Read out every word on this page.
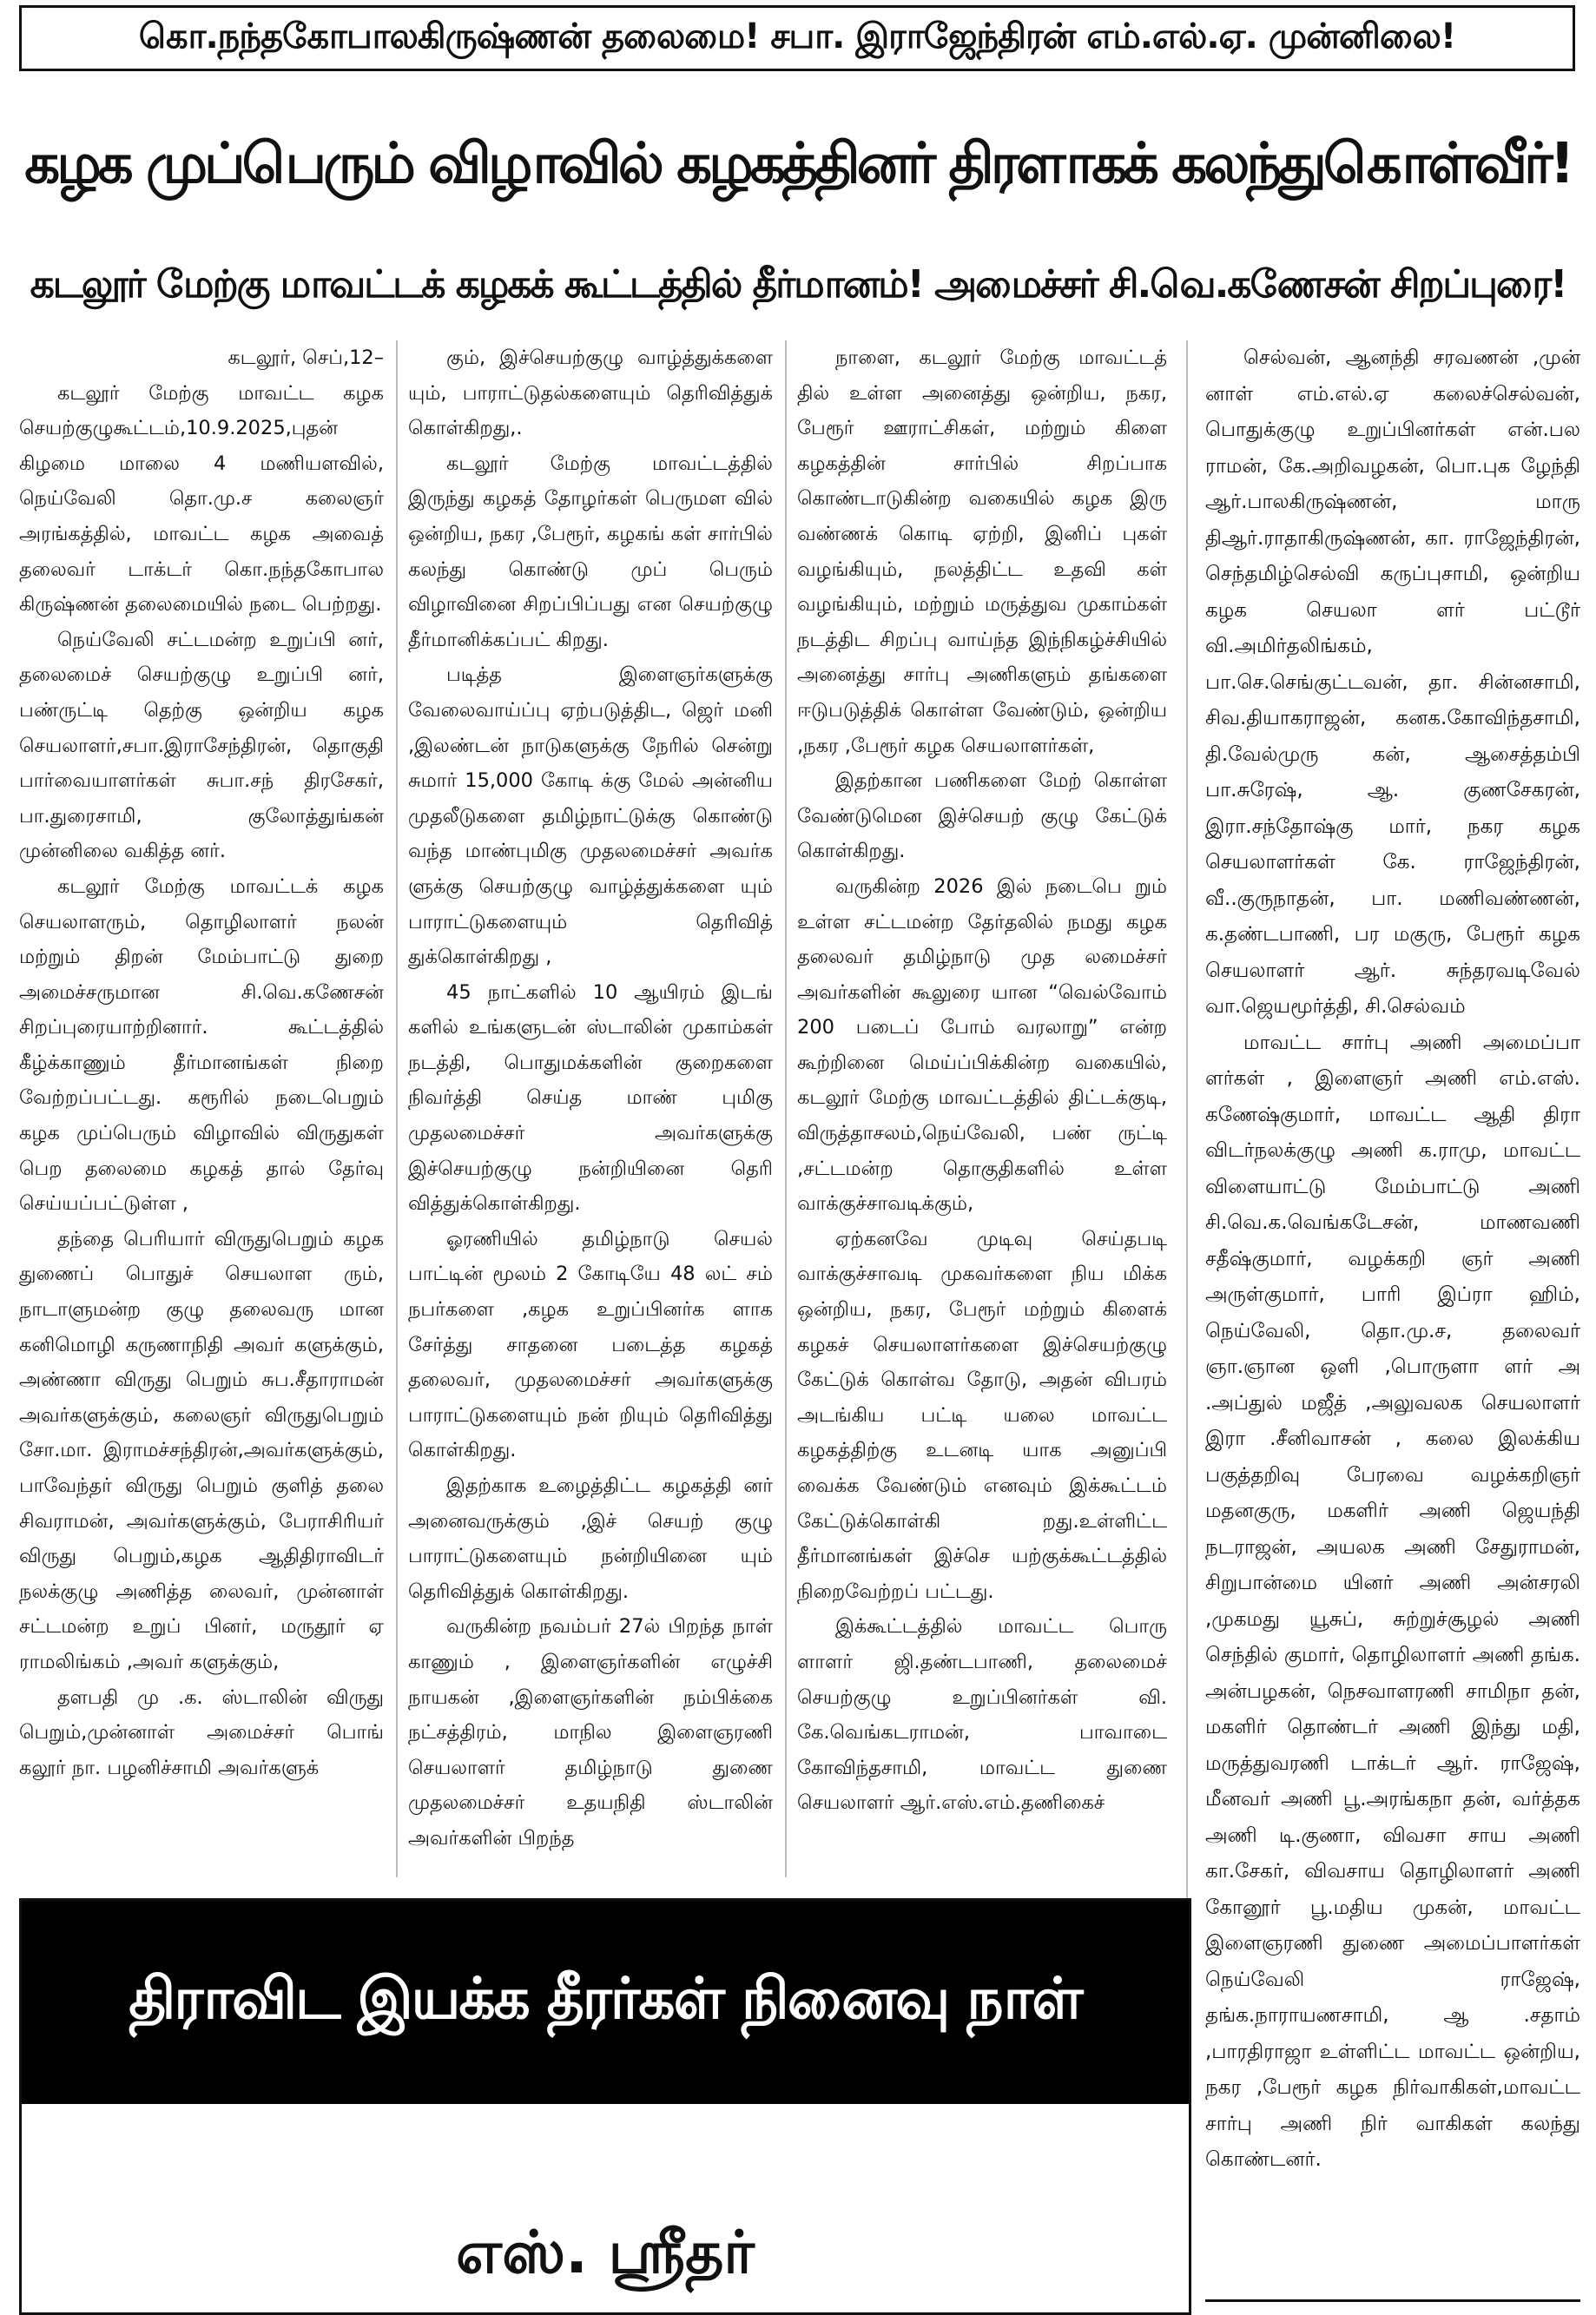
கொ.நந்தகோபாலகிருஷ்ணன் தலைமை! சபா. இராஜேந்திரன் எம்.எல்.ஏ. முன்னிலை!
கழக முப்பெரும் விழாவில் கழகத்தினர் திரளாகக் கலந்துகொள்வீர்!
கடலூர் மேற்கு மாவட்டக் கழகக் கூட்டத்தில் தீர்மானம்! அமைச்சர் சி.வெ.கணேசன் சிறப்புரை!

கடலூர், செப்,12–

கடலூர் மேற்கு மாவட்ட கழக செயற்குழுகூட்டம்,10.9.2025,புதன் கிழமை மாலை 4 மணியளவில், நெய்வேலி தொ.மு.ச கலைஞர் அரங்கத்தில், மாவட்ட கழக அவைத் தலைவர் டாக்டர் கொ.நந்தகோபால கிருஷ்ணன் தலைமையில் நடை பெற்றது.

நெய்வேலி சட்டமன்ற உறுப்பி னர், தலைமைச் செயற்குழு உறுப்பி னர், பண்ருட்டி தெற்கு ஒன்றிய கழக செயலாளர்,சபா.இராசேந்திரன், தொகுதி பார்வையாளர்கள் சுபா.சந் திரசேகர், பா.துரைசாமி, குலோத்துங்கன் முன்னிலை வகித்த னர்.

கடலூர் மேற்கு மாவட்டக் கழக செயலாளரும், தொழிலாளர் நலன் மற்றும் திறன் மேம்பாட்டு துறை அமைச்சருமான சி.வெ.கணேசன் சிறப்புரையாற்றினார். கூட்டத்தில் கீழ்க்காணும் தீர்மானங்கள் நிறை வேற்றப்பட்டது. கரூரில் நடைபெறும் கழக முப்பெரும் விழாவில் விருதுகள் பெற தலைமை கழகத் தால் தேர்வு செய்யப்பட்டுள்ள ,

தந்தை பெரியார் விருதுபெறும் கழக துணைப் பொதுச் செயலாள ரும், நாடாளுமன்ற குழு தலைவரு மான கனிமொழி கருணாநிதி அவர் களுக்கும், அண்ணா விருது பெறும் சுப.சீதாராமன் அவர்களுக்கும், கலைஞர் விருதுபெறும் சோ.மா. இராமச்சந்திரன்,அவர்களுக்கும், பாவேந்தர் விருது பெறும் குளித் தலை சிவராமன், அவர்களுக்கும், பேராசிரியர் விருது பெறும்,கழக ஆதிதிராவிடர் நலக்குழு அணித்த லைவர், முன்னாள் சட்டமன்ற உறுப் பினர், மருதூர் ஏ ராமலிங்கம் ,அவர் களுக்கும்,

தளபதி மு .க. ஸ்டாலின் விருது பெறும்,முன்னாள் அமைச்சர் பொங் கலூர் நா. பழனிச்சாமி அவர்களுக்

கும், இச்செயற்குழு வாழ்த்துக்களை யும், பாராட்டுதல்களையும் தெரிவித்துக் கொள்கிறது,.

கடலூர் மேற்கு மாவட்டத்தில் இருந்து கழகத் தோழர்கள் பெருமள வில் ஒன்றிய, நகர ,பேரூர், கழகங் கள் சார்பில் கலந்து கொண்டு முப் பெரும் விழாவினை சிறப்பிப்பது என செயற்குழு தீர்மானிக்கப்பட் கிறது.

படித்த இளைஞர்களுக்கு வேலைவாய்ப்பு ஏற்படுத்திட, ஜெர் மனி ,இலண்டன் நாடுகளுக்கு நேரில் சென்று சுமார் 15,000 கோடி க்கு மேல் அன்னிய முதலீடுகளை தமிழ்நாட்டுக்கு கொண்டு வந்த மாண்புமிகு முதலமைச்சர் அவர்க ளுக்கு செயற்குழு வாழ்த்துக்களை யும் பாராட்டுகளையும் தெரிவித் துக்கொள்கிறது ,

45 நாட்களில் 10 ஆயிரம் இடங் களில் உங்களுடன் ஸ்டாலின் முகாம்கள் நடத்தி, பொதுமக்களின் குறைகளை நிவர்த்தி செய்த மாண் புமிகு முதலமைச்சர் அவர்களுக்கு இச்செயற்குழு நன்றியினை தெரி வித்துக்கொள்கிறது.

ஓரணியில் தமிழ்நாடு செயல் பாட்டின் மூலம் 2 கோடியே 48 லட் சம் நபர்களை ,கழக உறுப்பினர்க ளாக சேர்த்து சாதனை படைத்த கழகத் தலைவர், முதலமைச்சர் அவர்களுக்கு பாராட்டுகளையும் நன் றியும் தெரிவித்து கொள்கிறது.

இதற்காக உழைத்திட்ட கழகத்தி னர் அனைவருக்கும் ,இச் செயற் குழு பாராட்டுகளையும் நன்றியினை யும் தெரிவித்துக் கொள்கிறது.

வருகின்ற நவம்பர் 27ல் பிறந்த நாள் காணும் , இளைஞர்களின் எழுச்சி நாயகன் ,இளைஞர்களின் நம்பிக்கை நட்சத்திரம், மாநில இளைஞரணி செயலாளர் தமிழ்நாடு துணை முதலமைச்சர் உதயநிதி ஸ்டாலின் அவர்களின் பிறந்த

நாளை, கடலூர் மேற்கு மாவட்டத் தில் உள்ள அனைத்து ஒன்றிய, நகர, பேரூர் ஊராட்சிகள், மற்றும் கிளை கழகத்தின் சார்பில் சிறப்பாக கொண்டாடுகின்ற வகையில் கழக இரு வண்ணக் கொடி ஏற்றி, இனிப் புகள் வழங்கியும், நலத்திட்ட உதவி கள் வழங்கியும், மற்றும் மருத்துவ முகாம்கள் நடத்திட சிறப்பு வாய்ந்த இந்நிகழ்ச்சியில் அனைத்து சார்பு அணிகளும் தங்களை ஈடுபடுத்திக் கொள்ள வேண்டும், ஒன்றிய ,நகர ,பேரூர் கழக செயலாளர்கள்,

இதற்கான பணிகளை மேற் கொள்ள வேண்டுமென இச்செயற் குழு கேட்டுக் கொள்கிறது.

வருகின்ற 2026 இல் நடைபெ றும் உள்ள சட்டமன்ற தேர்தலில் நமது கழக தலைவர் தமிழ்நாடு முத லமைச்சர் அவர்களின் கூலுரை யான “வெல்வோம் 200 படைப் போம் வரலாறு” என்ற கூற்றினை மெய்ப்பிக்கின்ற வகையில், கடலூர் மேற்கு மாவட்டத்தில் திட்டக்குடி, விருத்தாசலம்,நெய்வேலி, பண் ருட்டி ,சட்டமன்ற தொகுதிகளில் உள்ள வாக்குச்சாவடிக்கும்,

ஏற்கனவே முடிவு செய்தபடி வாக்குச்சாவடி முகவர்களை நிய மிக்க ஒன்றிய, நகர, பேரூர் மற்றும் கிளைக் கழகச் செயலாளர்களை இச்செயற்குழு கேட்டுக் கொள்வ தோடு, அதன் விபரம் அடங்கிய பட்டி யலை மாவட்ட கழகத்திற்கு உடனடி யாக அனுப்பி வைக்க வேண்டும் எனவும் இக்கூட்டம் கேட்டுக்கொள்கி றது.உள்ளிட்ட தீர்மானங்கள் இச்செ யற்குக்கூட்டத்தில் நிறைவேற்றப் பட்டது.

இக்கூட்டத்தில் மாவட்ட பொரு ளாளர் ஜி.தண்டபாணி, தலைமைச் செயற்குழு உறுப்பினர்கள் வி. கே.வெங்கடராமன், பாவாடை கோவிந்தசாமி, மாவட்ட துணை செயலாளர் ஆர்.எஸ்.எம்.தணிகைச்

செல்வன், ஆனந்தி சரவணன் ,முன் னாள் எம்.எல்.ஏ கலைச்செல்வன், பொதுக்குழு உறுப்பினர்கள் என்.பல ராமன், கே.அறிவழகன், பொ.புக ழேந்தி ஆர்.பாலகிருஷ்ணன், மாரு திஆர்.ராதாகிருஷ்ணன், கா. ராஜேந்திரன், செந்தமிழ்செல்வி கருப்புசாமி, ஒன்றிய கழக செயலா ளர் பட்டூர் வி.அமிர்தலிங்கம், பா.செ.செங்குட்டவன், தா. சின்னசாமி, சிவ.தியாகராஜன், கனக.கோவிந்தசாமி, தி.வேல்முரு கன், ஆசைத்தம்பி பா.சுரேஷ், ஆ. குணசேகரன், இரா.சந்தோஷ்கு மார், நகர கழக செயலாளர்கள் கே. ராஜேந்திரன், வீ..குருநாதன், பா. மணிவண்ணன், க.தண்டபாணி, பர மகுரு, பேரூர் கழக செயலாளர் ஆர். சுந்தரவடிவேல் வா.ஜெயமூர்த்தி, சி.செல்வம்

மாவட்ட சார்பு அணி அமைப்பா ளர்கள் , இளைஞர் அணி எம்.எஸ். கணேஷ்குமார், மாவட்ட ஆதி திரா விடர்நலக்குழு அணி க.ராமு, மாவட்ட விளையாட்டு மேம்பாட்டு அணி சி.வெ.க.வெங்கடேசன், மாணவணி சதீஷ்குமார், வழக்கறி ஞர் அணி அருள்குமார், பாரி இப்ரா ஹிம், நெய்வேலி, தொ.மு.ச, தலைவர் ஞா.ஞான ஒளி ,பொருளா ளர் அ .அப்துல் மஜீத் ,அலுவலக செயலாளர் இரா .சீனிவாசன் , கலை இலக்கிய பகுத்தறிவு பேரவை வழக்கறிஞர் மதனகுரு, மகளிர் அணி ஜெயந்தி நடராஜன், அயலக அணி சேதுராமன், சிறுபான்மை யினர் அணி அன்சரலி ,முகமது யூசுப், சுற்றுச்சூழல் அணி செந்தில் குமார், தொழிலாளர் அணி தங்க. அன்பழகன், நெசவாளரணி சாமிநா தன், மகளிர் தொண்டர் அணி இந்து மதி, மருத்துவரணி டாக்டர் ஆர். ராஜேஷ், மீனவர் அணி பூ.அரங்கநா தன், வர்த்தக அணி டி.குணா, விவசா சாய அணி கா.சேகர், விவசாய தொழிலாளர் அணி கோனூர் பூ.மதிய முகன், மாவட்ட இளைஞரணி துணை அமைப்பாளர்கள் நெய்வேலி ராஜேஷ், தங்க.நாராயணசாமி, ஆ .சதாம் ,பாரதிராஜா உள்ளிட்ட மாவட்ட ஒன்றிய, நகர ,பேரூர் கழக நிர்வாகிகள்,மாவட்ட சார்பு அணி நிர் வாகிகள் கலந்து கொண்டனர்.

திராவிட இயக்க தீரர்கள் நினைவு நாள்
எஸ். ஸ்ரீதர்
